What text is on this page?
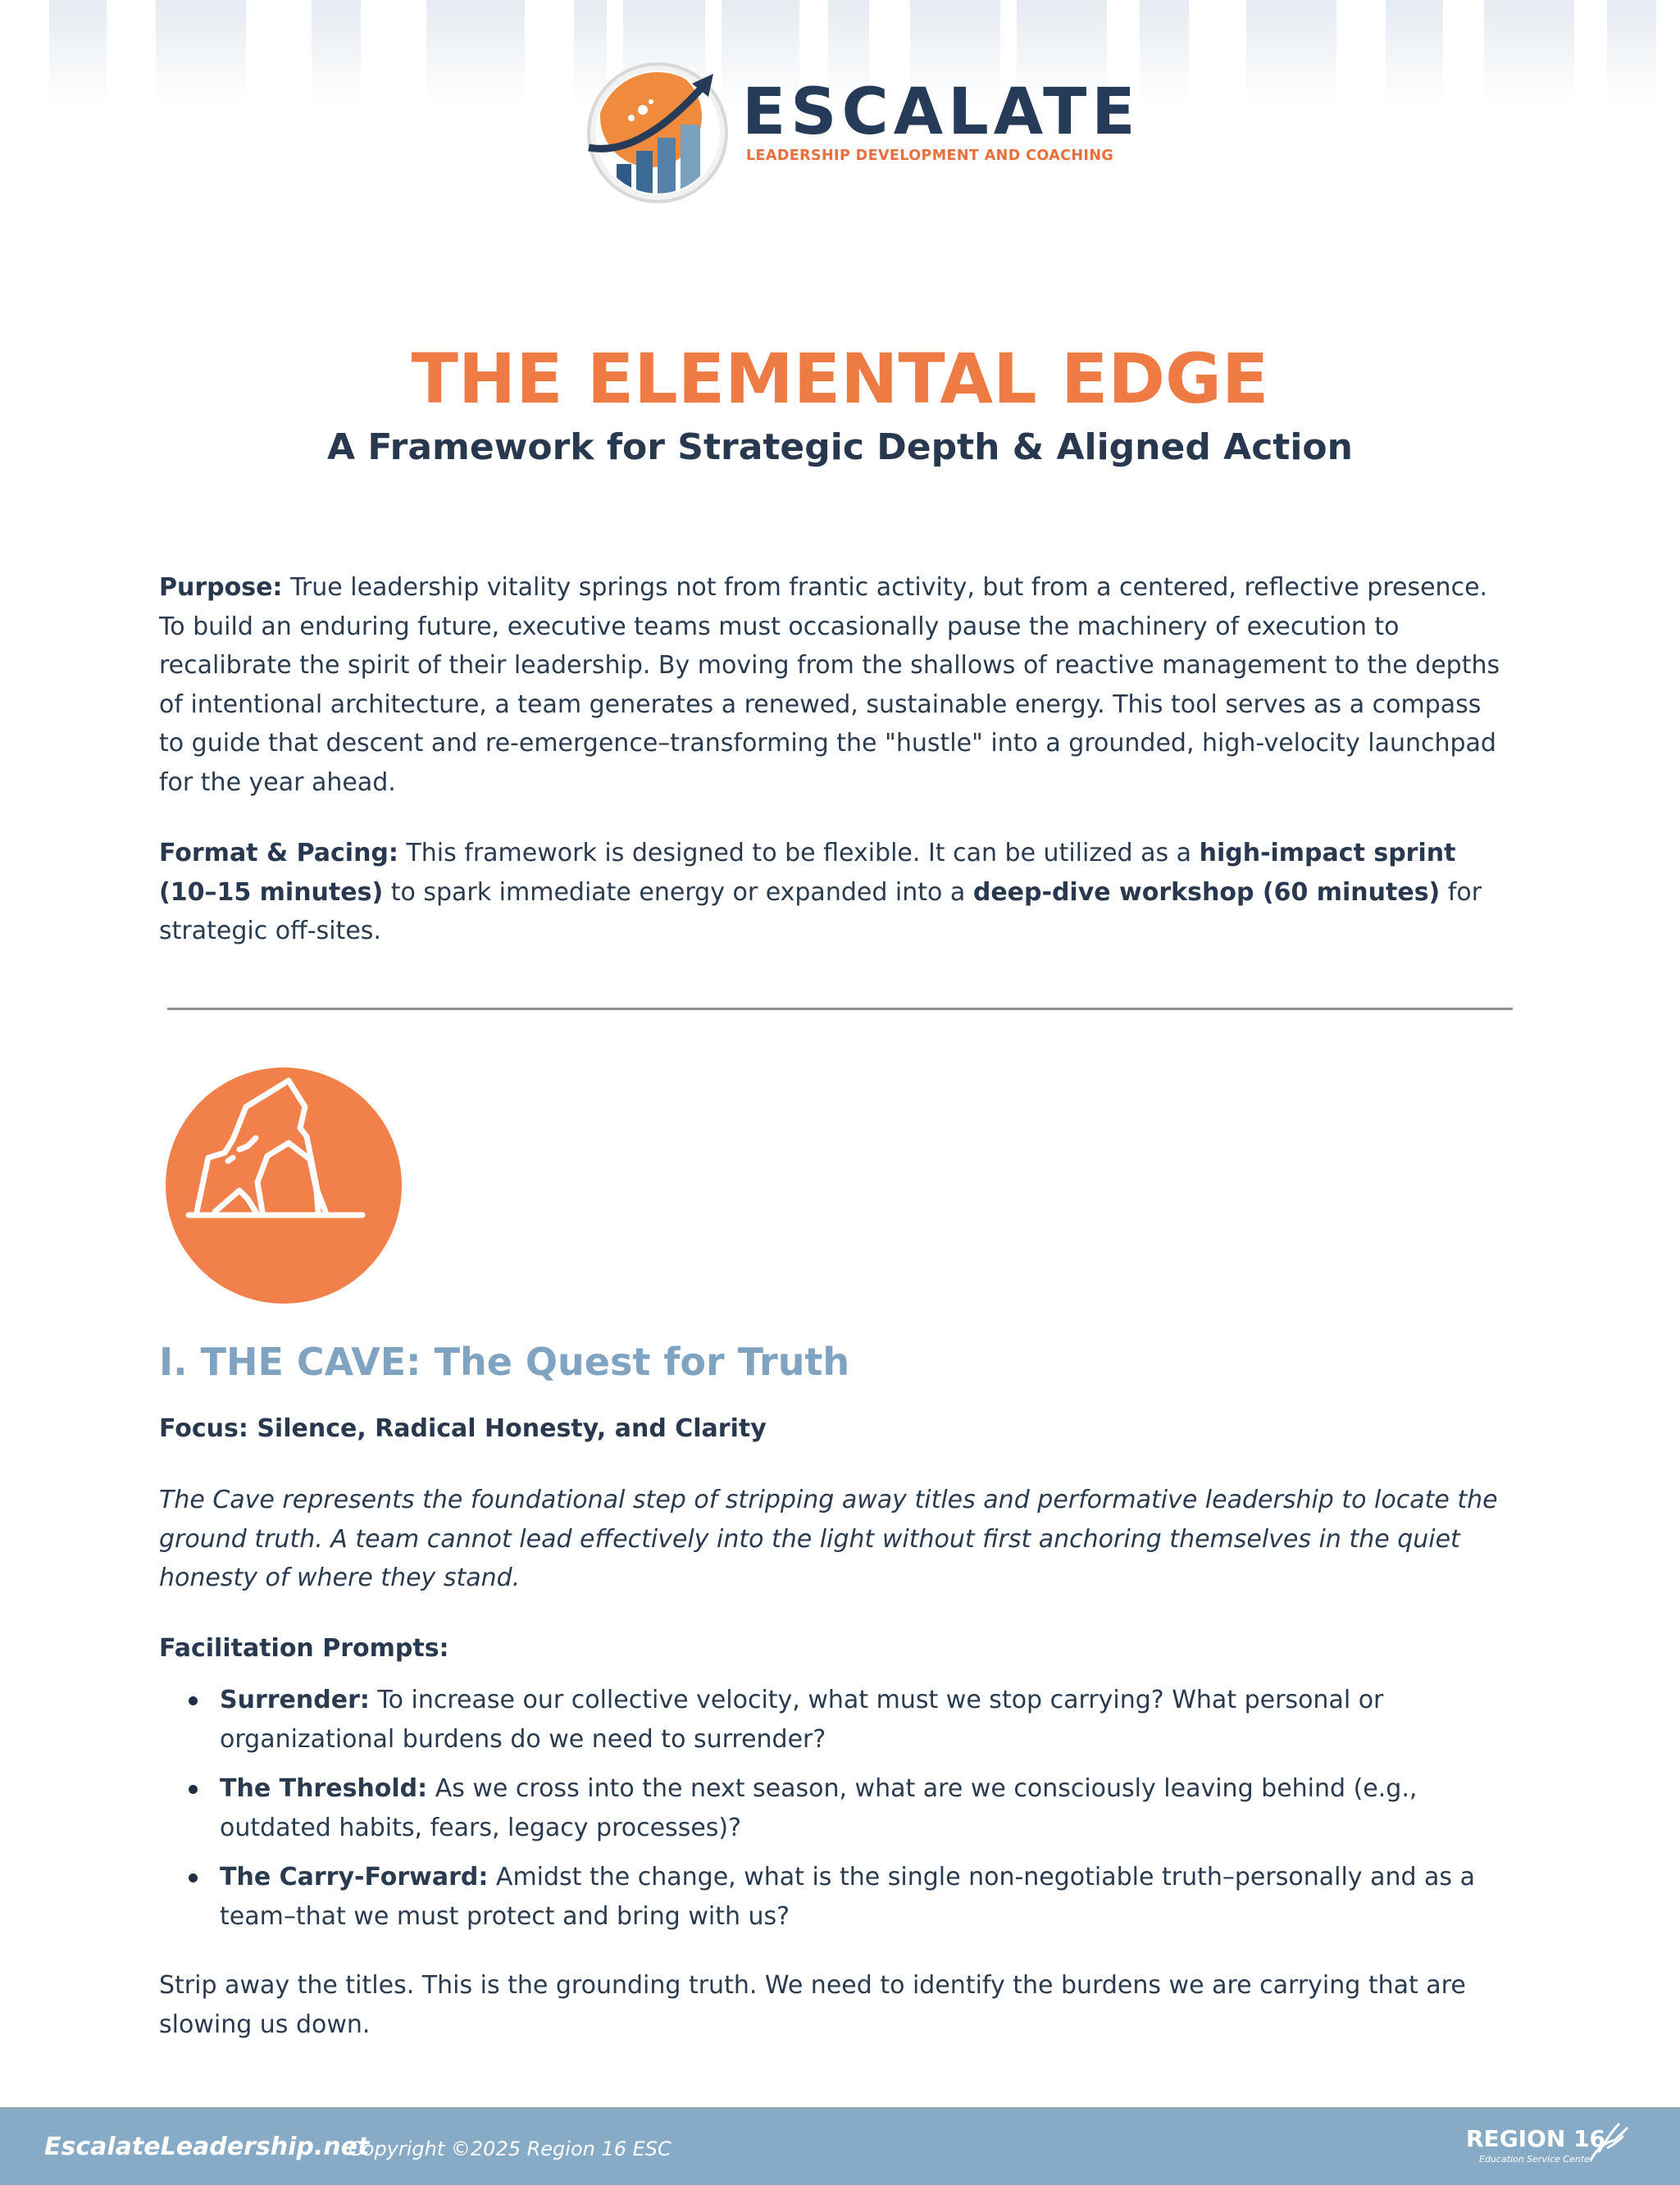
ESCALATE
LEADERSHIP DEVELOPMENT AND COACHING
THE ELEMENTAL EDGE
A Framework for Strategic Depth & Aligned Action
Purpose: True leadership vitality springs not from frantic activity, but from a centered, reflective presence. To build an enduring future, executive teams must occasionally pause the machinery of execution to recalibrate the spirit of their leadership. By moving from the shallows of reactive management to the depths of intentional architecture, a team generates a renewed, sustainable energy. This tool serves as a compass to guide that descent and re-emergence–transforming the "hustle" into a grounded, high-velocity launchpad for the year ahead.
Format & Pacing: This framework is designed to be flexible. It can be utilized as a high-impact sprint (10–15 minutes) to spark immediate energy or expanded into a deep-dive workshop (60 minutes) for strategic off-sites.
I. THE CAVE: The Quest for Truth
Focus: Silence, Radical Honesty, and Clarity
The Cave represents the foundational step of stripping away titles and performative leadership to locate the ground truth. A team cannot lead effectively into the light without first anchoring themselves in the quiet honesty of where they stand.
Facilitation Prompts:
Surrender: To increase our collective velocity, what must we stop carrying? What personal or organizational burdens do we need to surrender?
The Threshold: As we cross into the next season, what are we consciously leaving behind (e.g., outdated habits, fears, legacy processes)?
The Carry-Forward: Amidst the change, what is the single non-negotiable truth–personally and as a team–that we must protect and bring with us?
Strip away the titles. This is the grounding truth. We need to identify the burdens we are carrying that are slowing us down.
EscalateLeadership.net
Copyright ©2025 Region 16 ESC	REGION 16
Education Service Center
